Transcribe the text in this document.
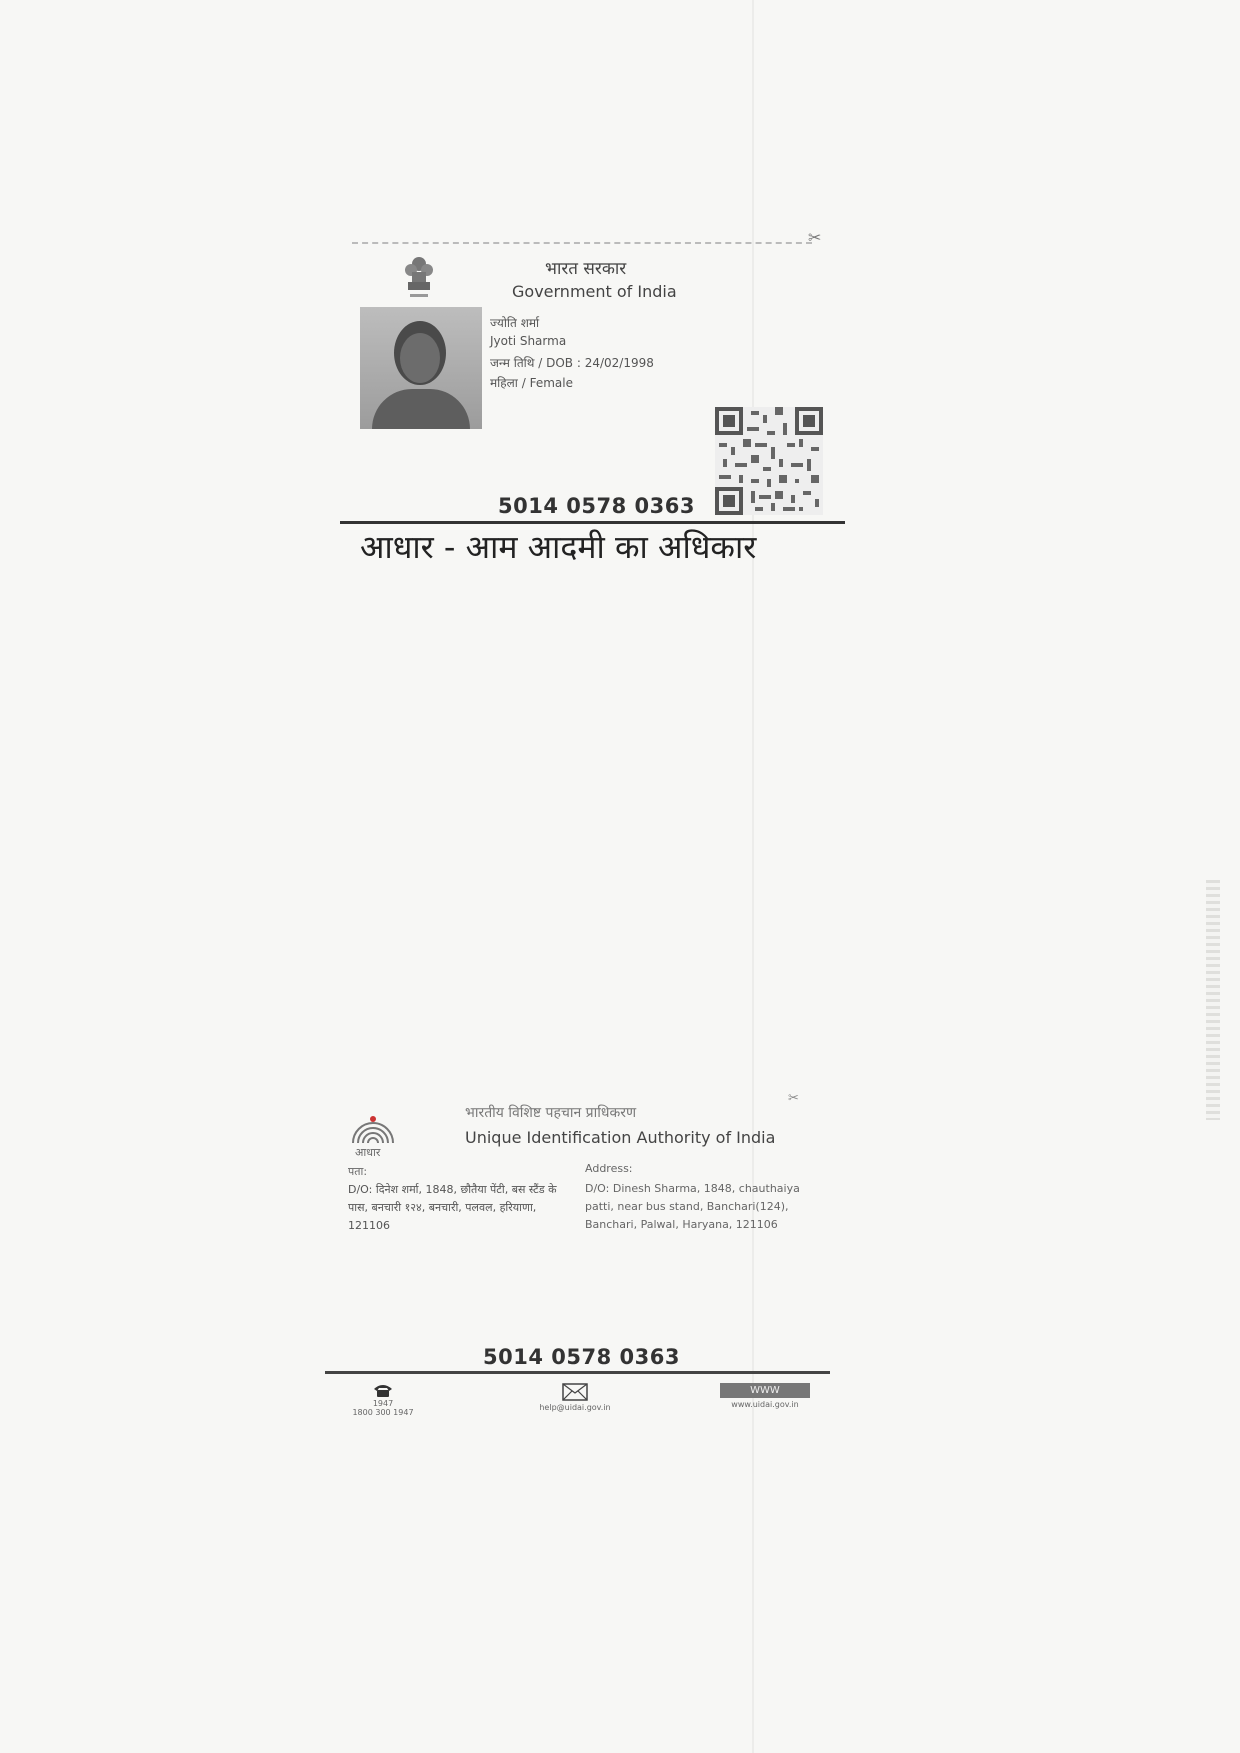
✂
भारत सरकार
Government of India
ज्योति शर्मा
Jyoti Sharma
जन्म तिथि / DOB : 24/02/1998
महिला / Female
5014 0578 0363
आधार - आम आदमी का अधिकार
✂
आधार
भारतीय विशिष्ट पहचान प्राधिकरण
Unique Identification Authority of India
पता:
D/O: दिनेश शर्मा, 1848, छौतैया पेंटी, बस स्टैंड के पास, बनचारी १२४, बनचारी, पलवल, हरियाणा, 121106
Address:
D/O: Dinesh Sharma, 1848, chauthaiya patti, near bus stand, Banchari(124), Banchari, Palwal, Haryana, 121106
5014 0578 0363
1947
1800 300 1947
help@uidai.gov.in
WWW
www.uidai.gov.in
